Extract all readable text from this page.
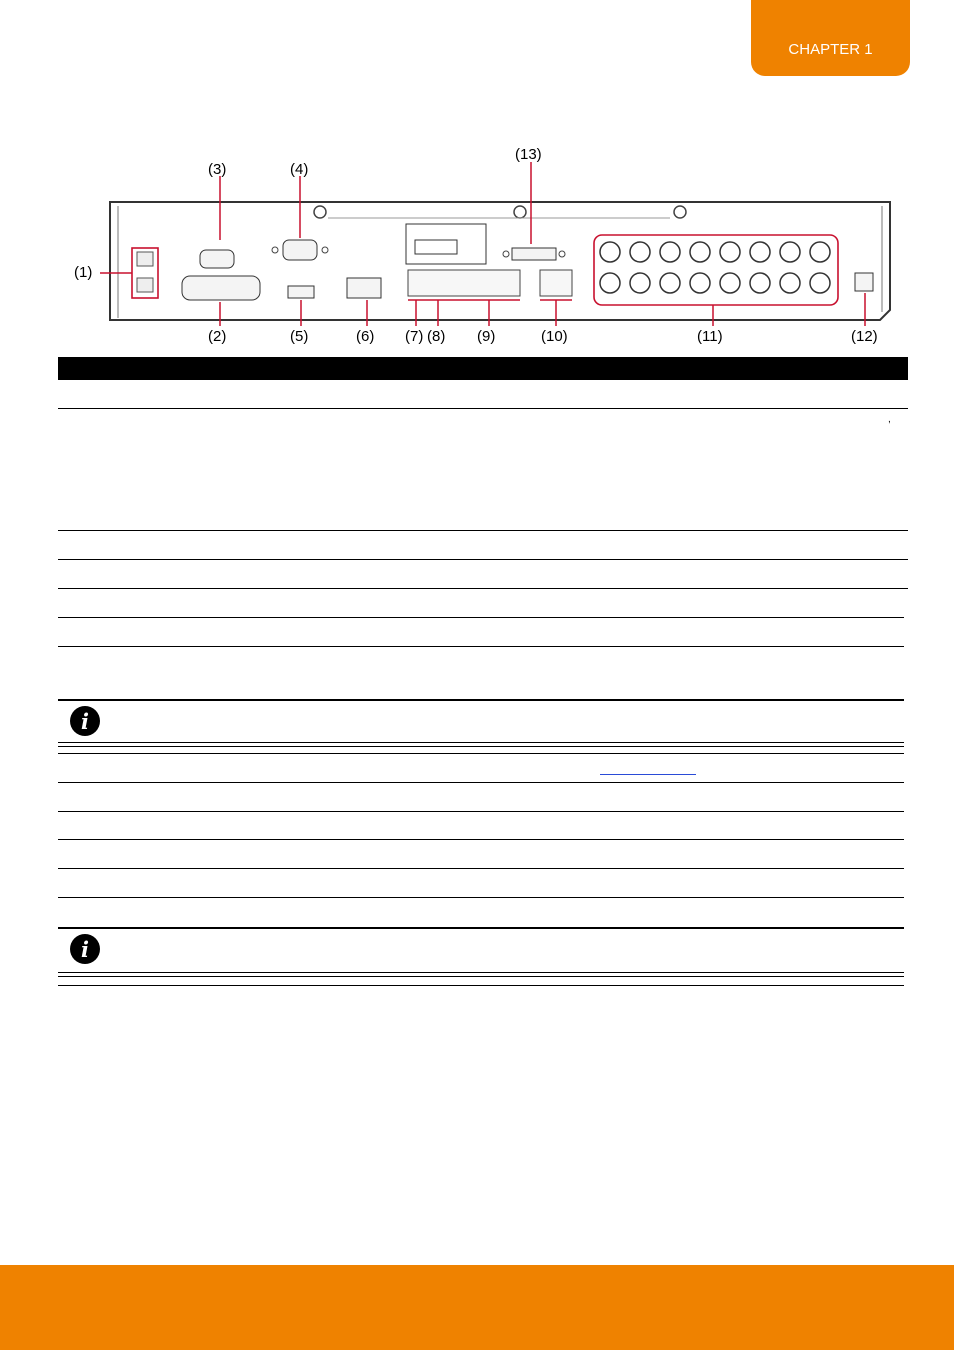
CHAPTER 1
(1)
(2)
(3)	(4)
(5)	(6) (7) (8) (9)	(10)	(11)	(12)
(13)
,
i
i
